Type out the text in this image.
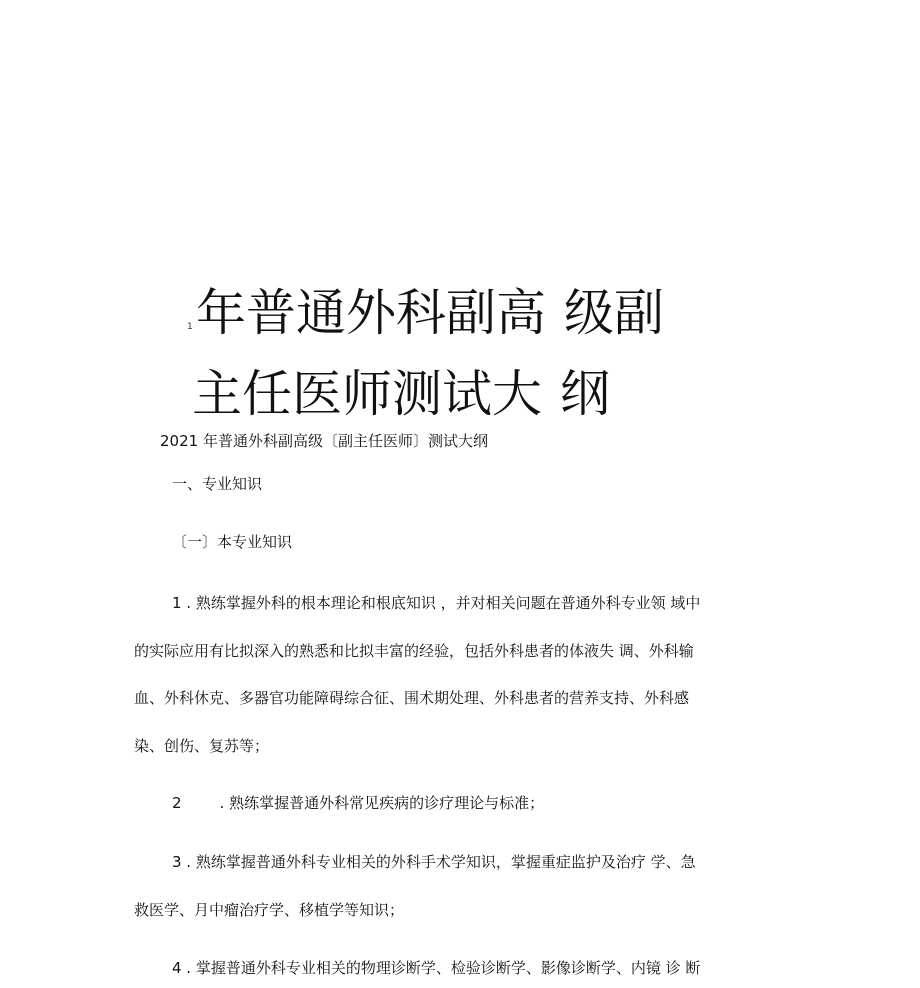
1 年普通外科副高 级副
主任医师测试大 纲
2021 年普通外科副高级〔副主任医师〕测试大纲
一、专业知识
〔一〕本专业知识
1 . 熟练掌握外科的根本理论和根底知识 ，并对相关问题在普通外科专业领 域中
的实际应用有比拟深入的熟悉和比拟丰富的经验，包括外科患者的体液失 调、外科输
血、外科休克、多器官功能障碍综合征、围术期处理、外科患者的营养支持、外科感
染、创伤、复苏等；
2	. 熟练掌握普通外科常见疾病的诊疗理论与标准；
3 . 熟练掌握普通外科专业相关的外科手术学知识，掌握重症监护及治疗 学、急
救医学、月中瘤治疗学、移植学等知识；
4 . 掌握普通外科专业相关的物理诊断学、检验诊断学、影像诊断学、内镜 诊 断
